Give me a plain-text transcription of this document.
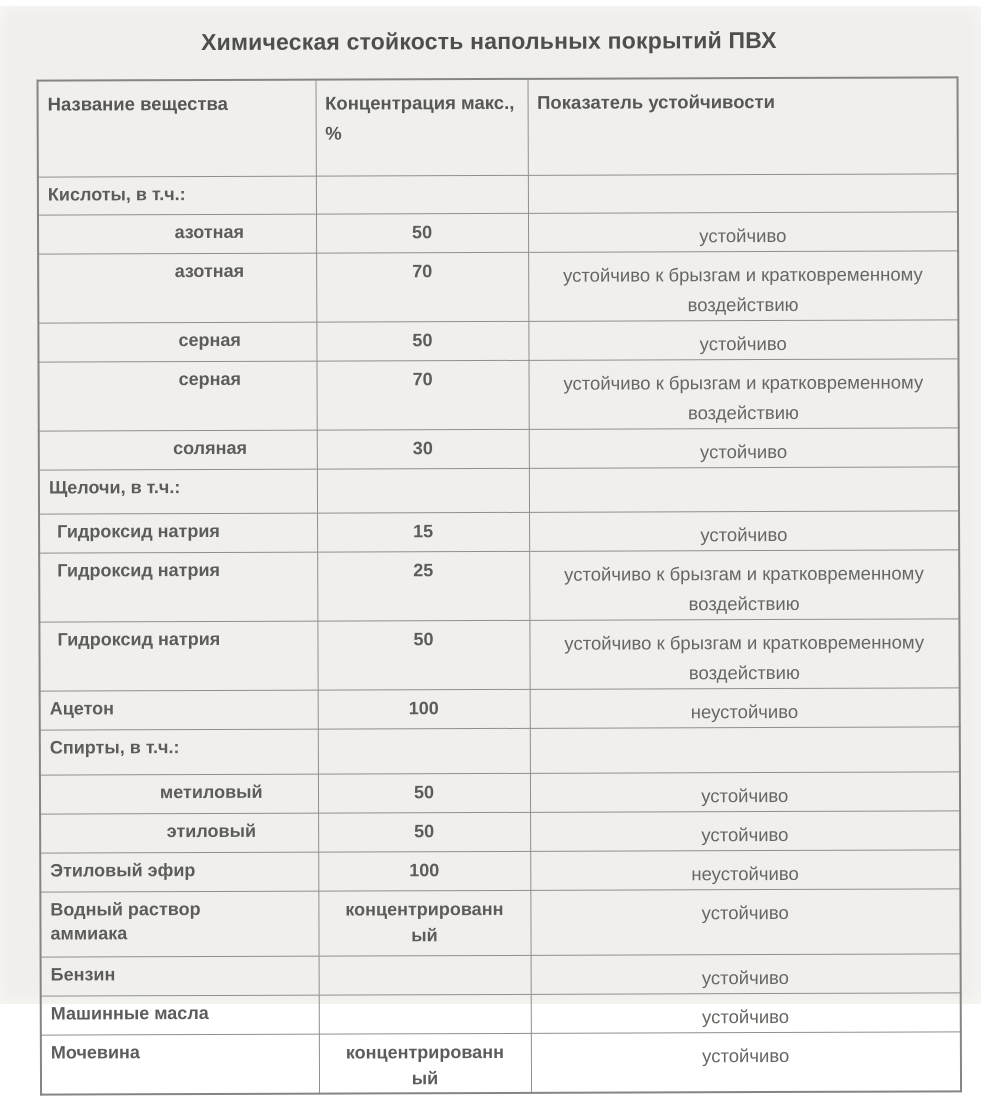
Химическая стойкость напольных покрытий ПВХ
Название вещества	Концентрация макс., %	Показатель устойчивости
Кислоты, в т.ч.:		
азотная	50	устойчиво
азотная	70	устойчиво к брызгам и кратковременному воздействию
серная	50	устойчиво
серная	70	устойчиво к брызгам и кратковременному воздействию
соляная	30	устойчиво
Щелочи, в т.ч.:		
Гидроксид натрия	15	устойчиво
Гидроксид натрия	25	устойчиво к брызгам и кратковременному воздействию
Гидроксид натрия	50	устойчиво к брызгам и кратковременному воздействию
Ацетон	100	неустойчиво
Спирты, в т.ч.:		
метиловый	50	устойчиво
этиловый	50	устойчиво
Этиловый эфир	100	неустойчиво
Водный раствор аммиака	концентрированный	устойчиво
Бензин		устойчиво
Машинные масла		устойчиво
Мочевина	концентрированный	устойчиво
